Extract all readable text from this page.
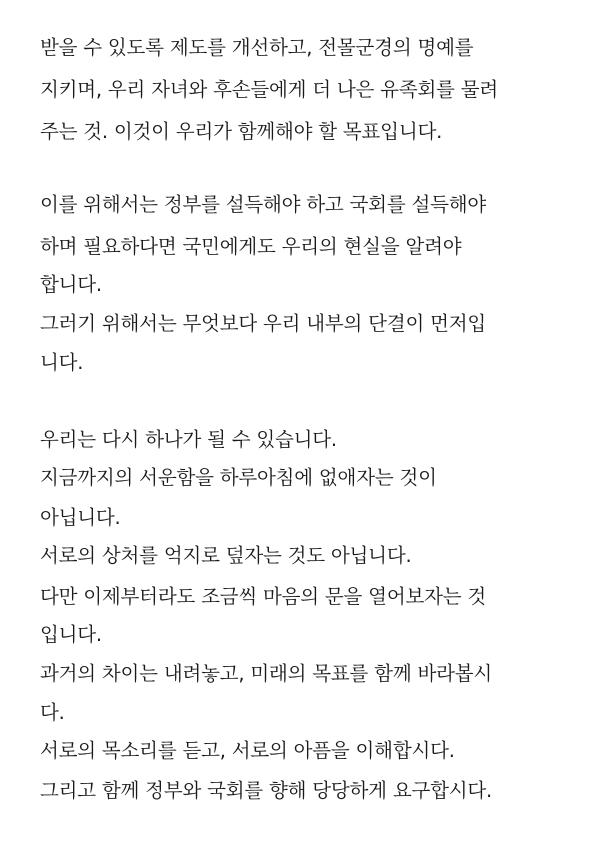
받을 수 있도록 제도를 개선하고, 전몰군경의 명예를
지키며, 우리 자녀와 후손들에게 더 나은 유족회를 물려
주는 것. 이것이 우리가 함께해야 할 목표입니다.
이를 위해서는 정부를 설득해야 하고 국회를 설득해야
하며 필요하다면 국민에게도 우리의 현실을 알려야
합니다.
그러기 위해서는 무엇보다 우리 내부의 단결이 먼저입
니다.
우리는 다시 하나가 될 수 있습니다.
지금까지의 서운함을 하루아침에 없애자는 것이
아닙니다.
서로의 상처를 억지로 덮자는 것도 아닙니다.
다만 이제부터라도 조금씩 마음의 문을 열어보자는 것
입니다.
과거의 차이는 내려놓고, 미래의 목표를 함께 바라봅시
다.
서로의 목소리를 듣고, 서로의 아픔을 이해합시다.
그리고 함께 정부와 국회를 향해 당당하게 요구합시다.
